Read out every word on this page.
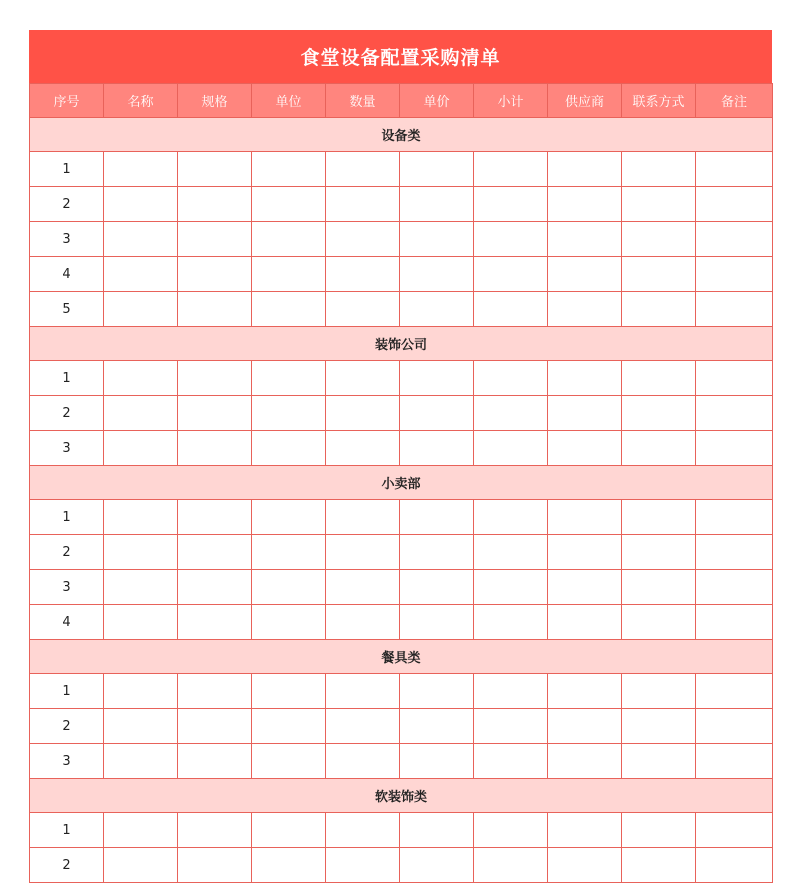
食堂设备配置采购清单
序号	名称	规格	单位	数量	单价	小计	供应商	联系方式	备注
设备类									
1									
2									
3									
4									
5									
装饰公司									
1									
2									
3									
小卖部									
1									
2									
3									
4									
餐具类									
1									
2									
3									
软装饰类									
1									
2									
